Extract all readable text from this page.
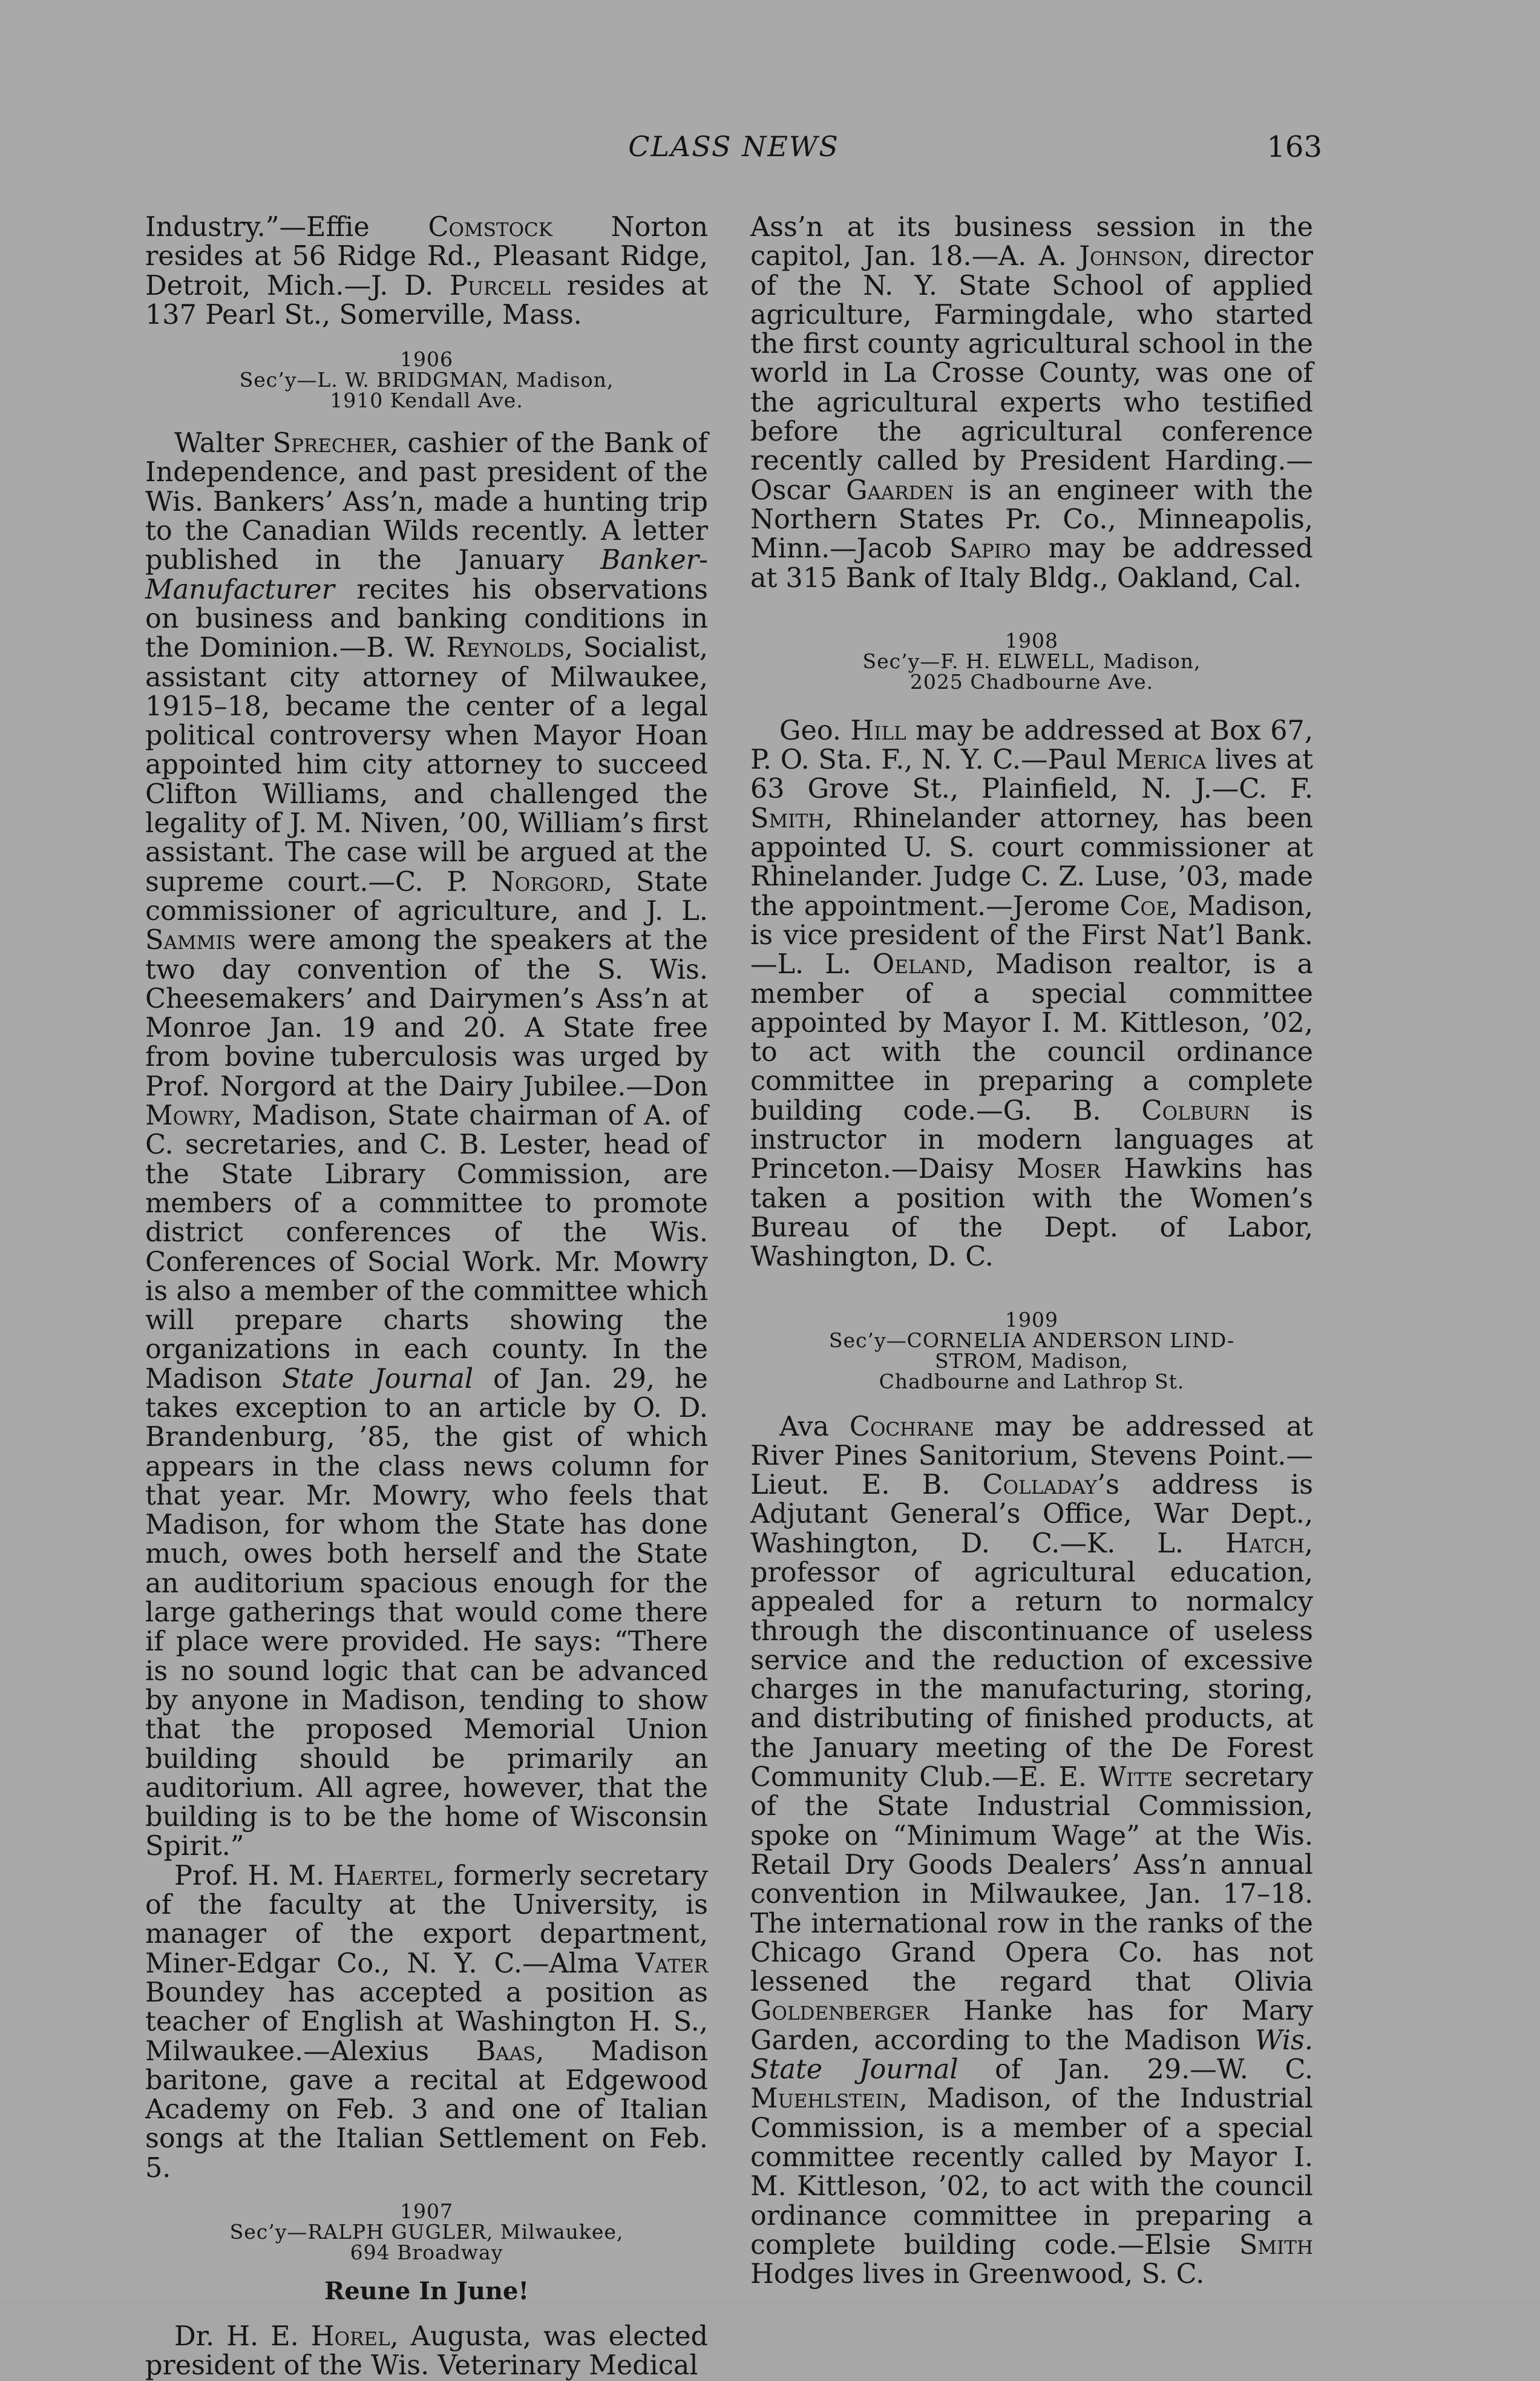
CLASS NEWS	163

Industry.”—Effie Comstock Norton resides at 56 Ridge Rd., Pleasant Ridge, Detroit, Mich.—J. D. Purcell resides at 137 Pearl St., Somerville, Mass.

1906
Sec’y—L. W. BRIDGMAN, Madison,
1910 Kendall Ave.

Walter Sprecher, cashier of the Bank of Independence, and past president of the Wis. Bankers’ Ass’n, made a hunting trip to the Canadian Wilds recently. A letter published in the January Banker-Manufacturer recites his observations on business and banking conditions in the Dominion.—B. W. Reynolds, Socialist, assistant city attorney of Milwaukee, 1915–18, became the center of a legal political controversy when Mayor Hoan appointed him city attorney to succeed Clifton Williams, and challenged the legality of J. M. Niven, ’00, William’s first assistant. The case will be argued at the supreme court.—C. P. Norgord, State commissioner of agriculture, and J. L. Sammis were among the speakers at the two day convention of the S. Wis. Cheesemakers’ and Dairymen’s Ass’n at Monroe Jan. 19 and 20. A State free from bovine tuberculosis was urged by Prof. Norgord at the Dairy Jubilee.—Don Mowry, Madison, State chairman of A. of C. secretaries, and C. B. Lester, head of the State Library Commission, are members of a committee to promote district conferences of the Wis. Conferences of Social Work. Mr. Mowry is also a member of the committee which will prepare charts showing the organizations in each county. In the Madison State Journal of Jan. 29, he takes exception to an article by O. D. Brandenburg, ’85, the gist of which appears in the class news column for that year. Mr. Mowry, who feels that Madison, for whom the State has done much, owes both herself and the State an auditorium spacious enough for the large gatherings that would come there if place were provided. He says: “There is no sound logic that can be advanced by anyone in Madison, tending to show that the proposed Memorial Union building should be primarily an auditorium. All agree, however, that the building is to be the home of Wisconsin Spirit.”

Prof. H. M. Haertel, formerly secretary of the faculty at the University, is manager of the export department, Miner-Edgar Co., N. Y. C.—Alma Vater Boundey has accepted a position as teacher of English at Washington H. S., Milwaukee.—Alexius Baas, Madison baritone, gave a recital at Edgewood Academy on Feb. 3 and one of Italian songs at the Italian Settlement on Feb. 5.

1907
Sec’y—RALPH GUGLER, Milwaukee,
694 Broadway
Reune In June!

Dr. H. E. Horel, Augusta, was elected president of the Wis. Veterinary Medical

Ass’n at its business session in the capitol, Jan. 18.—A. A. Johnson, director of the N. Y. State School of applied agriculture, Farmingdale, who started the first county agricultural school in the world in La Crosse County, was one of the agricultural experts who testified before the agricultural conference recently called by President Harding.—Oscar Gaarden is an engineer with the Northern States Pr. Co., Minneapolis, Minn.—Jacob Sapiro may be addressed at 315 Bank of Italy Bldg., Oakland, Cal.

1908
Sec’y—F. H. ELWELL, Madison,
2025 Chadbourne Ave.

Geo. Hill may be addressed at Box 67, P. O. Sta. F., N. Y. C.—Paul Merica lives at 63 Grove St., Plainfield, N. J.—C. F. Smith, Rhinelander attorney, has been appointed U. S. court commissioner at Rhinelander. Judge C. Z. Luse, ’03, made the appointment.—Jerome Coe, Madison, is vice president of the First Nat’l Bank.—L. L. Oeland, Madison realtor, is a member of a special committee appointed by Mayor I. M. Kittleson, ’02, to act with the council ordinance committee in preparing a complete building code.—G. B. Colburn is instructor in modern languages at Princeton.—Daisy Moser Hawkins has taken a position with the Women’s Bureau of the Dept. of Labor, Washington, D. C.

1909
Sec’y—CORNELIA ANDERSON LIND-
STROM, Madison,
Chadbourne and Lathrop St.

Ava Cochrane may be addressed at River Pines Sanitorium, Stevens Point.—Lieut. E. B. Colladay’s address is Adjutant General’s Office, War Dept., Washington, D. C.—K. L. Hatch, professor of agricultural education, appealed for a return to normalcy through the discontinuance of useless service and the reduction of excessive charges in the manufacturing, storing, and distributing of finished products, at the January meeting of the De Forest Community Club.—E. E. Witte secretary of the State Industrial Commission, spoke on “Minimum Wage” at the Wis. Retail Dry Goods Dealers’ Ass’n annual convention in Milwaukee, Jan. 17–18. The international row in the ranks of the Chicago Grand Opera Co. has not lessened the regard that Olivia Goldenberger Hanke has for Mary Garden, according to the Madison Wis. State Journal of Jan. 29.—W. C. Muehlstein, Madison, of the Industrial Commission, is a member of a special committee recently called by Mayor I. M. Kittleson, ’02, to act with the council ordinance committee in preparing a complete building code.—Elsie Smith Hodges lives in Greenwood, S. C.
